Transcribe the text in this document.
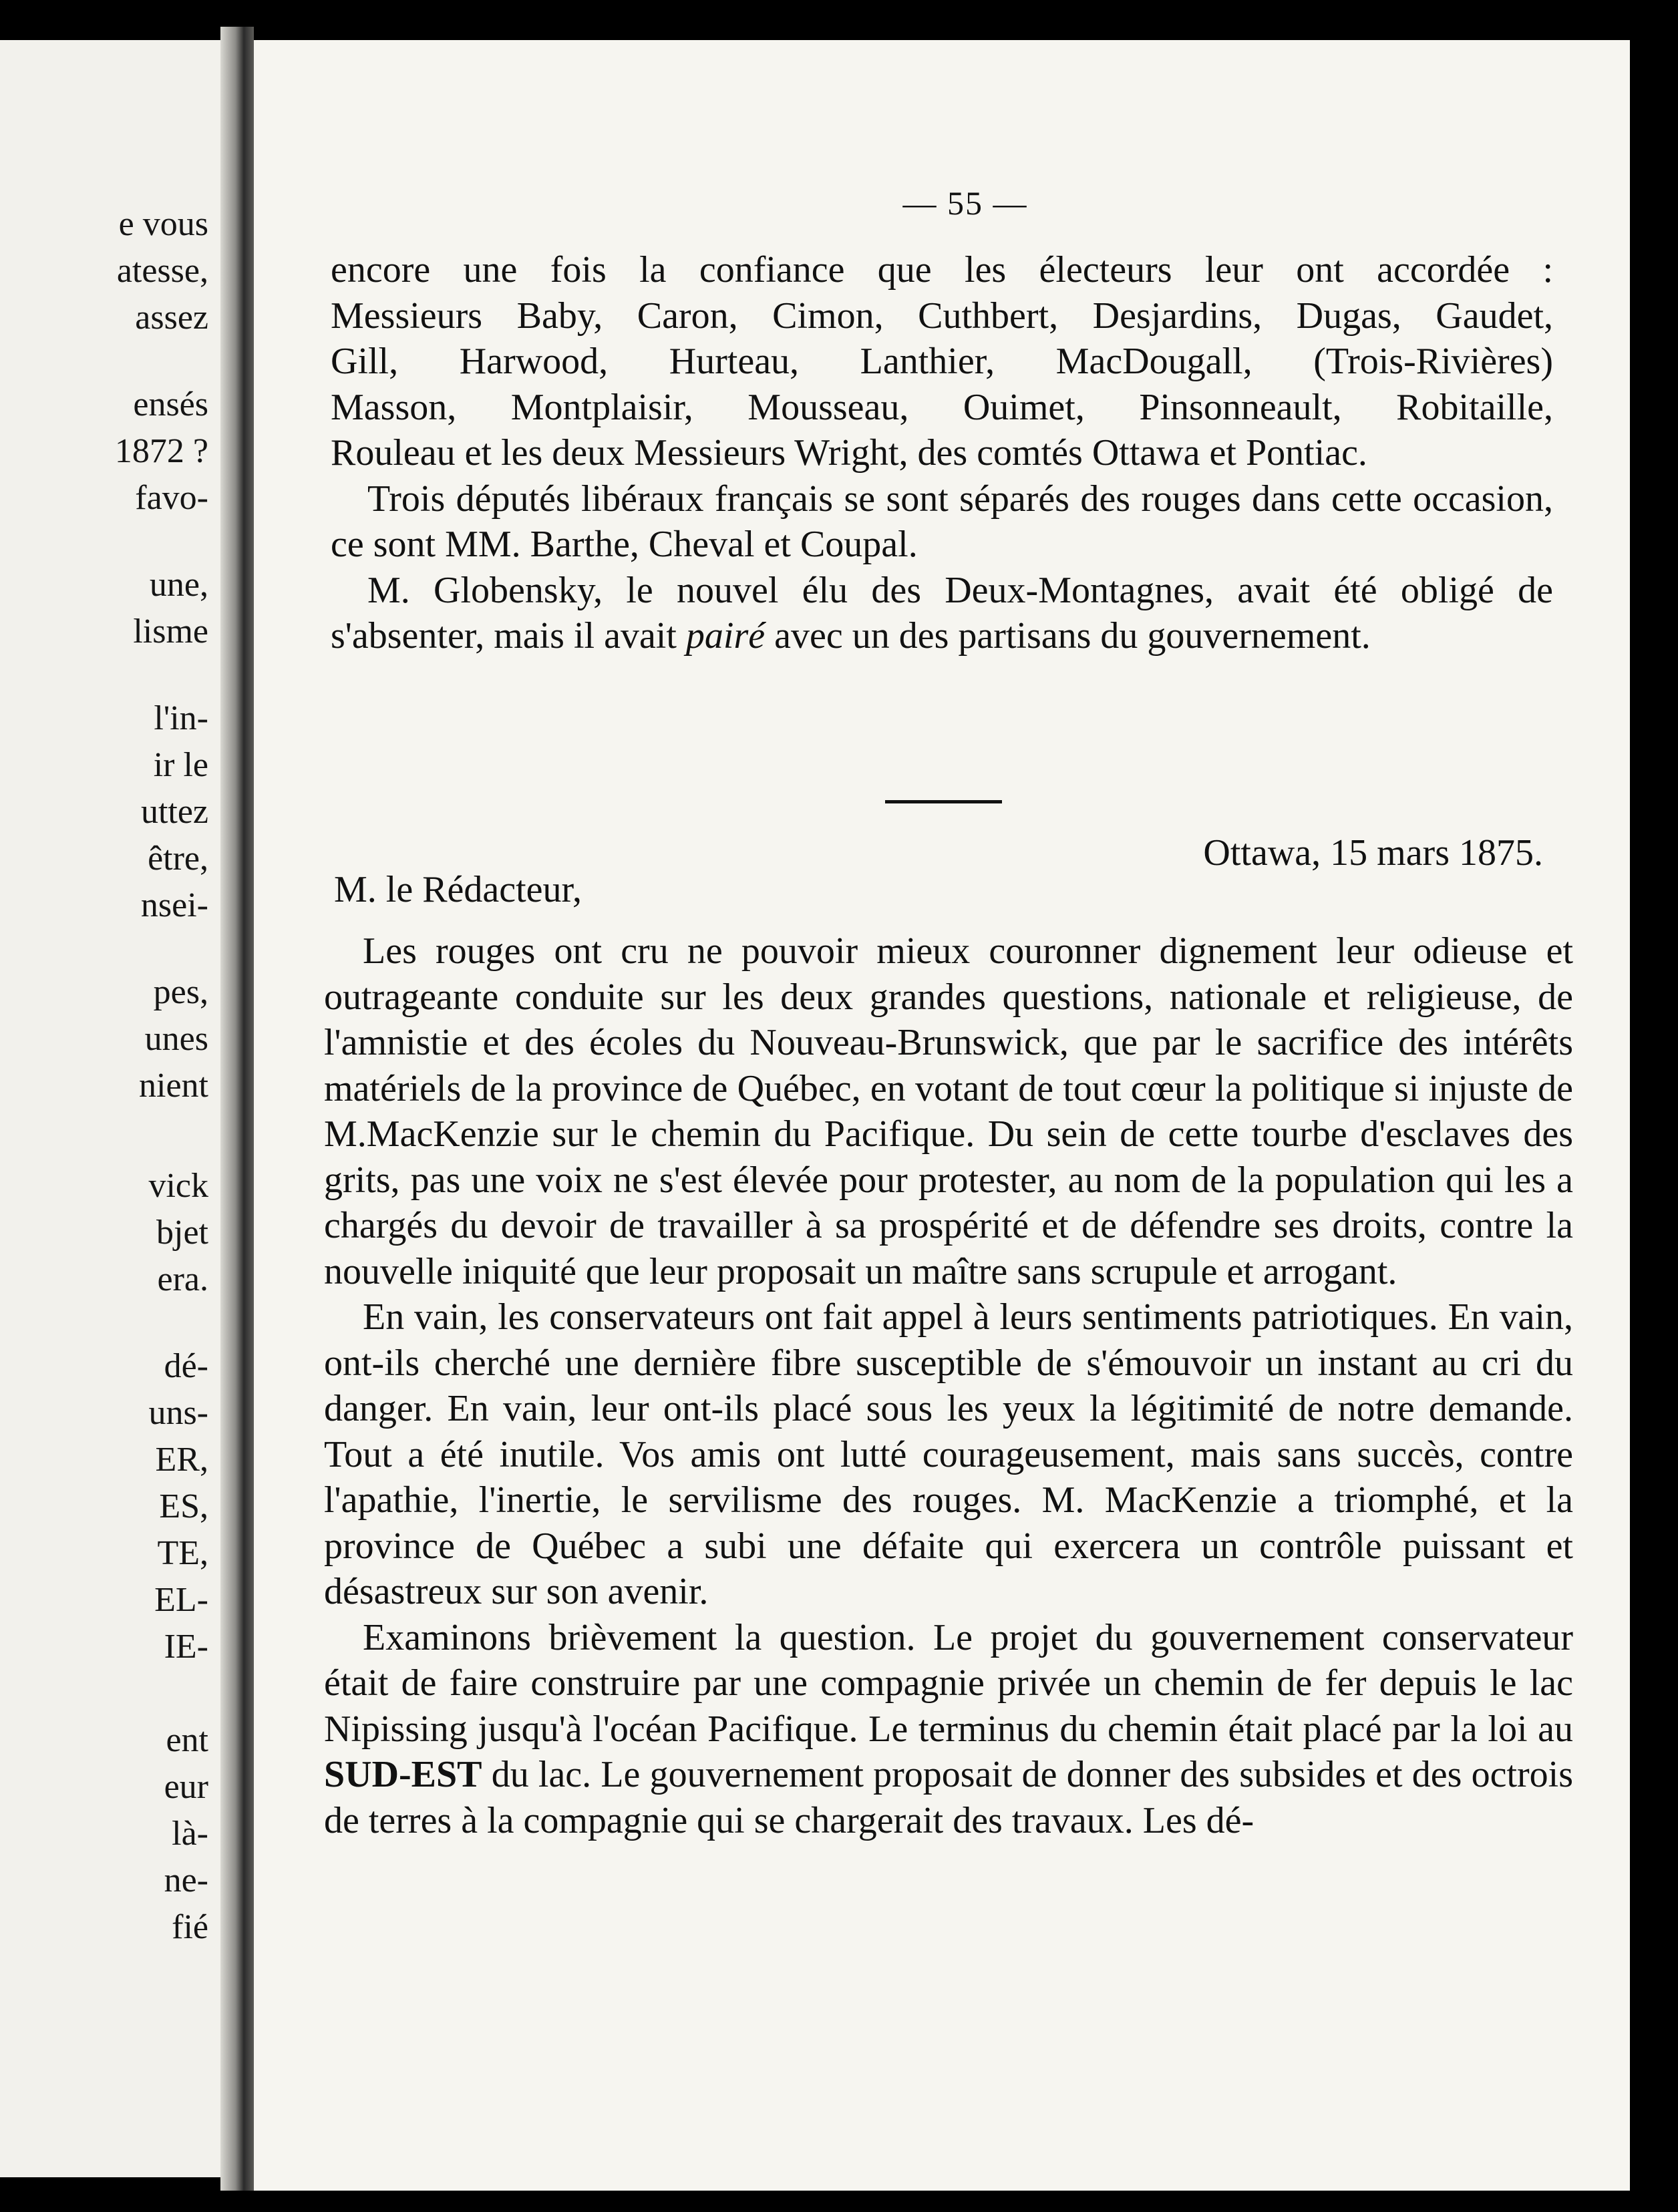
e vous
atesse,
assez
ensés
1872 ?
favo-
une,
lisme
l'in-
ir le
uttez
être,
nsei-
pes,
unes
nient
vick
bjet
era.
dé-
uns-
ER,
ES,
TE,
EL-
IE-
ent
eur
là-
ne-
fié
— 55 —

encore une fois la confiance que les électeurs leur ont accordée :
Messieurs Baby, Caron, Cimon, Cuthbert, Desjardins, Dugas, Gaudet,
Gill, Harwood, Hurteau, Lanthier, MacDougall, (Trois-Rivières)
Masson, Montplaisir, Mousseau, Ouimet, Pinsonneault, Robitaille,
Rouleau et les deux Messieurs Wright, des comtés Ottawa et Pontiac.

Trois députés libéraux français se sont séparés des rouges dans cette occasion, ce sont MM. Barthe, Cheval et Coupal.

M. Globensky, le nouvel élu des Deux-Montagnes, avait été obligé de s'absenter, mais il avait pairé avec un des partisans du gouvernement.

Ottawa, 15 mars 1875.
M. le Rédacteur,

Les rouges ont cru ne pouvoir mieux couronner dignement leur odieuse et outrageante conduite sur les deux grandes questions, nationale et religieuse, de l'amnistie et des écoles du Nouveau-Brunswick, que par le sacrifice des intérêts matériels de la province de Québec, en votant de tout cœur la politique si injuste de M.MacKenzie sur le chemin du Pacifique. Du sein de cette tourbe d'esclaves des grits, pas une voix ne s'est élevée pour protester, au nom de la population qui les a chargés du devoir de travailler à sa prospérité et de défendre ses droits, contre la nouvelle iniquité que leur proposait un maître sans scrupule et arrogant.

En vain, les conservateurs ont fait appel à leurs sentiments patriotiques. En vain, ont-ils cherché une dernière fibre susceptible de s'émouvoir un instant au cri du danger. En vain, leur ont-ils placé sous les yeux la légitimité de notre demande. Tout a été inutile. Vos amis ont lutté courageusement, mais sans succès, contre l'apathie, l'inertie, le servilisme des rouges. M. MacKenzie a triomphé, et la province de Québec a subi une défaite qui exercera un contrôle puissant et désastreux sur son avenir.

Examinons brièvement la question. Le projet du gouvernement conservateur était de faire construire par une compagnie privée un chemin de fer depuis le lac Nipissing jusqu'à l'océan Pacifique. Le terminus du chemin était placé par la loi au SUD-EST du lac. Le gouvernement proposait de donner des subsides et des octrois de terres à la compagnie qui se chargerait des travaux. Les dé-
